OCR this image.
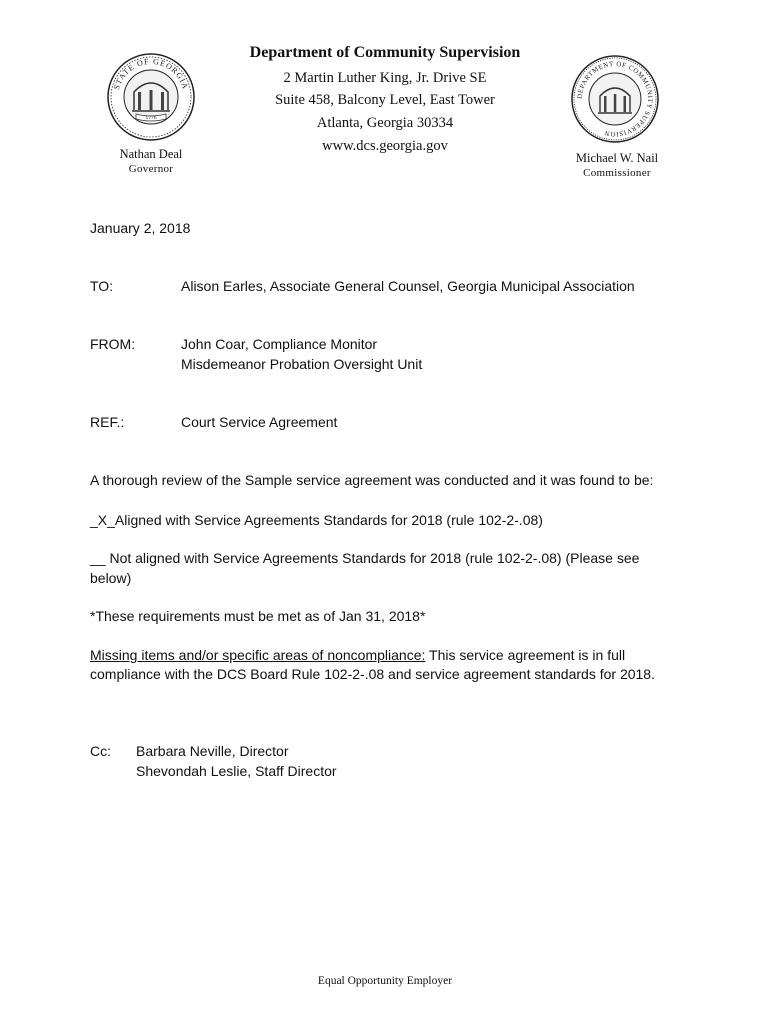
STATE OF GEORGIA
1776
DEPARTMENT OF COMMUNITY SUPERVISION
Department of Community Supervision
2 Martin Luther King, Jr. Drive SE
Suite 458, Balcony Level, East Tower
Atlanta, Georgia 30334
www.dcs.georgia.gov
Nathan Deal
Governor
Michael W. Nail
Commissioner
January 2, 2018
TO:	Alison Earles, Associate General Counsel, Georgia Municipal Association
FROM:	John Coar, Compliance Monitor
Misdemeanor Probation Oversight Unit
REF.:	Court Service Agreement
A thorough review of the Sample service agreement was conducted and it was found to be:
_X_Aligned with Service Agreements Standards for 2018 (rule 102-2-.08)
__ Not aligned with Service Agreements Standards for 2018 (rule 102-2-.08) (Please see
below)
*These requirements must be met as of Jan 31, 2018*
Missing items and/or specific areas of noncompliance: This service agreement is in full
compliance with the DCS Board Rule 102-2-.08 and service agreement standards for 2018.
Cc: Barbara Neville, Director
Shevondah Leslie, Staff Director
Equal Opportunity Employer
